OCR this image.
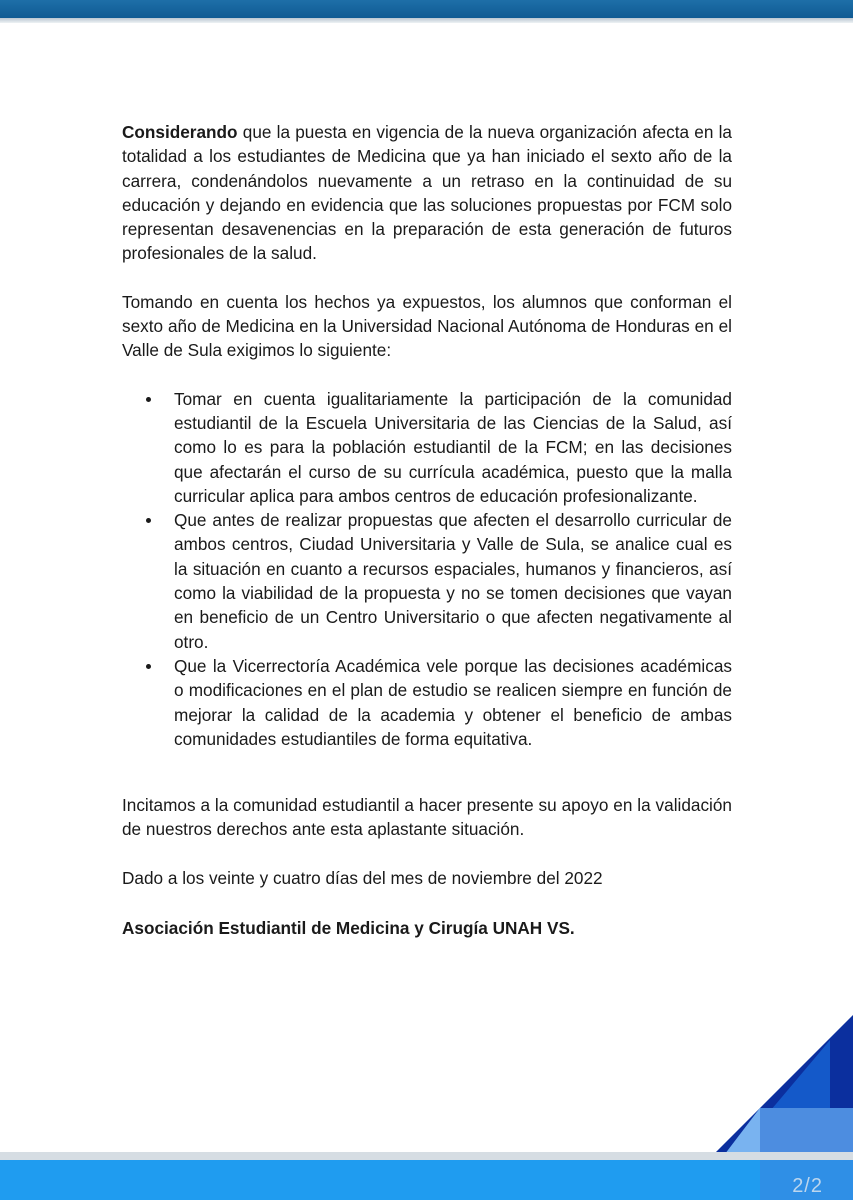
Considerando que la puesta en vigencia de la nueva organización afecta en la totalidad a los estudiantes de Medicina que ya han iniciado el sexto año de la carrera, condenándolos nuevamente a un retraso en la continuidad de su educación y dejando en evidencia que las soluciones propuestas por FCM solo representan desavenencias en la preparación de esta generación de futuros profesionales de la salud.

Tomando en cuenta los hechos ya expuestos, los alumnos que conforman el sexto año de Medicina en la Universidad Nacional Autónoma de Honduras en el Valle de Sula exigimos lo siguiente:

Tomar en cuenta igualitariamente la participación de la comunidad estudiantil de la Escuela Universitaria de las Ciencias de la Salud, así como lo es para la población estudiantil de la FCM; en las decisiones que afectarán el curso de su currícula académica, puesto que la malla curricular aplica para ambos centros de educación profesionalizante.
Que antes de realizar propuestas que afecten el desarrollo curricular de ambos centros, Ciudad Universitaria y Valle de Sula, se analice cual es la situación en cuanto a recursos espaciales, humanos y financieros, así como la viabilidad de la propuesta y no se tomen decisiones que vayan en beneficio de un Centro Universitario o que afecten negativamente al otro.
Que la Vicerrectoría Académica vele porque las decisiones académicas o modificaciones en el plan de estudio se realicen siempre en función de mejorar la calidad de la academia y obtener el beneficio de ambas comunidades estudiantiles de forma equitativa.

Incitamos a la comunidad estudiantil a hacer presente su apoyo en la validación de nuestros derechos ante esta aplastante situación.

Dado a los veinte y cuatro días del mes de noviembre del 2022

Asociación Estudiantil de Medicina y Cirugía UNAH VS.

2/2
